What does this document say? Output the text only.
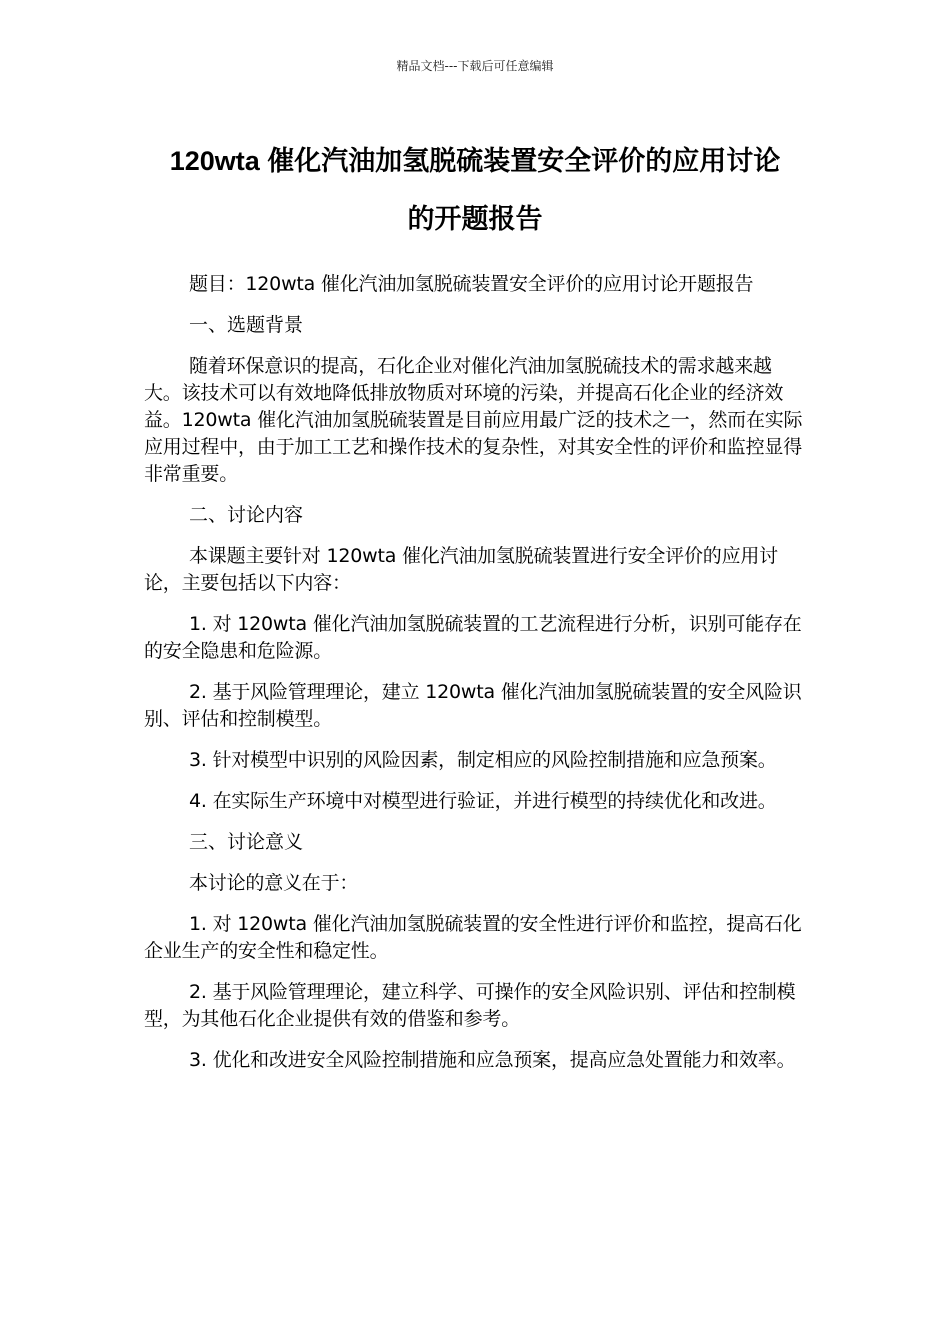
精品文档---下载后可任意编辑
120wta 催化汽油加氢脱硫装置安全评价的应用讨论
的开题报告

题目：120wta 催化汽油加氢脱硫装置安全评价的应用讨论开题报告

一、选题背景

随着环保意识的提高，石化企业对催化汽油加氢脱硫技术的需求越来越大。该技术可以有效地降低排放物质对环境的污染，并提高石化企业的经济效益。120wta 催化汽油加氢脱硫装置是目前应用最广泛的技术之一，然而在实际应用过程中，由于加工工艺和操作技术的复杂性，对其安全性的评价和监控显得非常重要。

二、讨论内容

本课题主要针对 120wta 催化汽油加氢脱硫装置进行安全评价的应用讨论，主要包括以下内容：

1. 对 120wta 催化汽油加氢脱硫装置的工艺流程进行分析，识别可能存在的安全隐患和危险源。

2. 基于风险管理理论，建立 120wta 催化汽油加氢脱硫装置的安全风险识别、评估和控制模型。

3. 针对模型中识别的风险因素，制定相应的风险控制措施和应急预案。

4. 在实际生产环境中对模型进行验证，并进行模型的持续优化和改进。

三、讨论意义

本讨论的意义在于：

1. 对 120wta 催化汽油加氢脱硫装置的安全性进行评价和监控，提高石化企业生产的安全性和稳定性。

2. 基于风险管理理论，建立科学、可操作的安全风险识别、评估和控制模型，为其他石化企业提供有效的借鉴和参考。

3. 优化和改进安全风险控制措施和应急预案，提高应急处置能力和效率。
